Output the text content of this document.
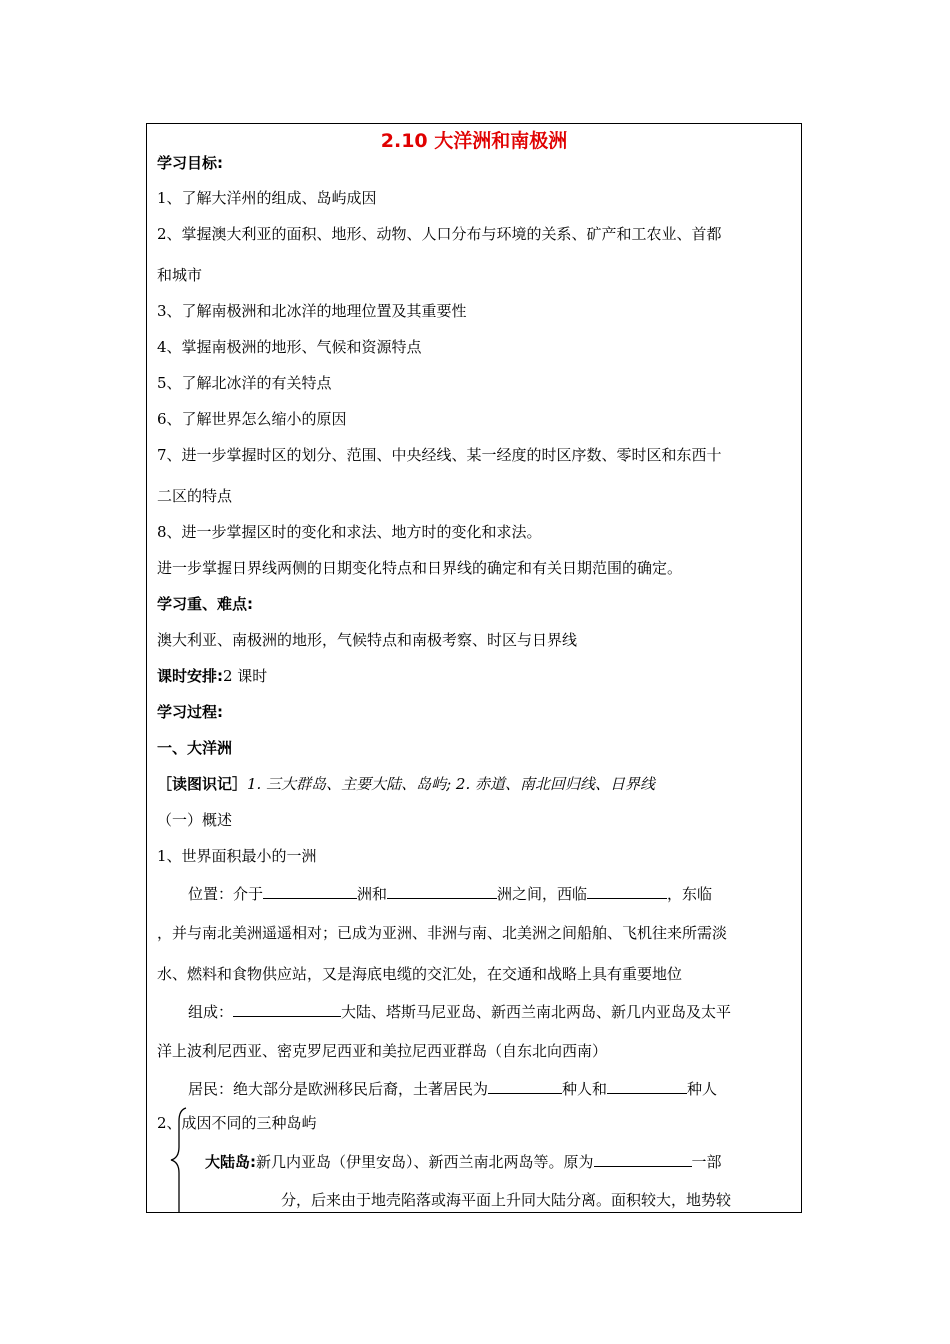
2.10 大洋洲和南极洲
学习目标:
1、了解大洋州的组成、岛屿成因
2、掌握澳大利亚的面积、地形、动物、人口分布与环境的关系、矿产和工农业、首都
和城市
3、了解南极洲和北冰洋的地理位置及其重要性
4、掌握南极洲的地形、气候和资源特点
5、了解北冰洋的有关特点
6、了解世界怎么缩小的原因
7、进一步掌握时区的划分、范围、中央经线、某一经度的时区序数、零时区和东西十
二区的特点
8、进一步掌握区时的变化和求法、地方时的变化和求法。
进一步掌握日界线两侧的日期变化特点和日界线的确定和有关日期范围的确定。
学习重、难点:
澳大利亚、南极洲的地形，气候特点和南极考察、时区与日界线
课时安排:2 课时
学习过程:
一、大洋洲
［读图识记］1. 三大群岛、主要大陆、岛屿; 2. 赤道、南北回归线、日界线
（一）概述
1、世界面积最小的一洲
位置：介于	洲和	洲之间，西临	，东临
，并与南北美洲遥遥相对；已成为亚洲、非洲与南、北美洲之间船舶、飞机往来所需淡
水、燃料和食物供应站，又是海底电缆的交汇处，在交通和战略上具有重要地位
组成：	大陆、塔斯马尼亚岛、新西兰南北两岛、新几内亚岛及太平
洋上波利尼西亚、密克罗尼西亚和美拉尼西亚群岛（自东北向西南）
居民：绝大部分是欧洲移民后裔，土著居民为	种人和	种人
2、成因不同的三种岛屿
大陆岛:新几内亚岛（伊里安岛）、新西兰南北两岛等。原为	一部
分，后来由于地壳陷落或海平面上升同大陆分离。面积较大，地势较
